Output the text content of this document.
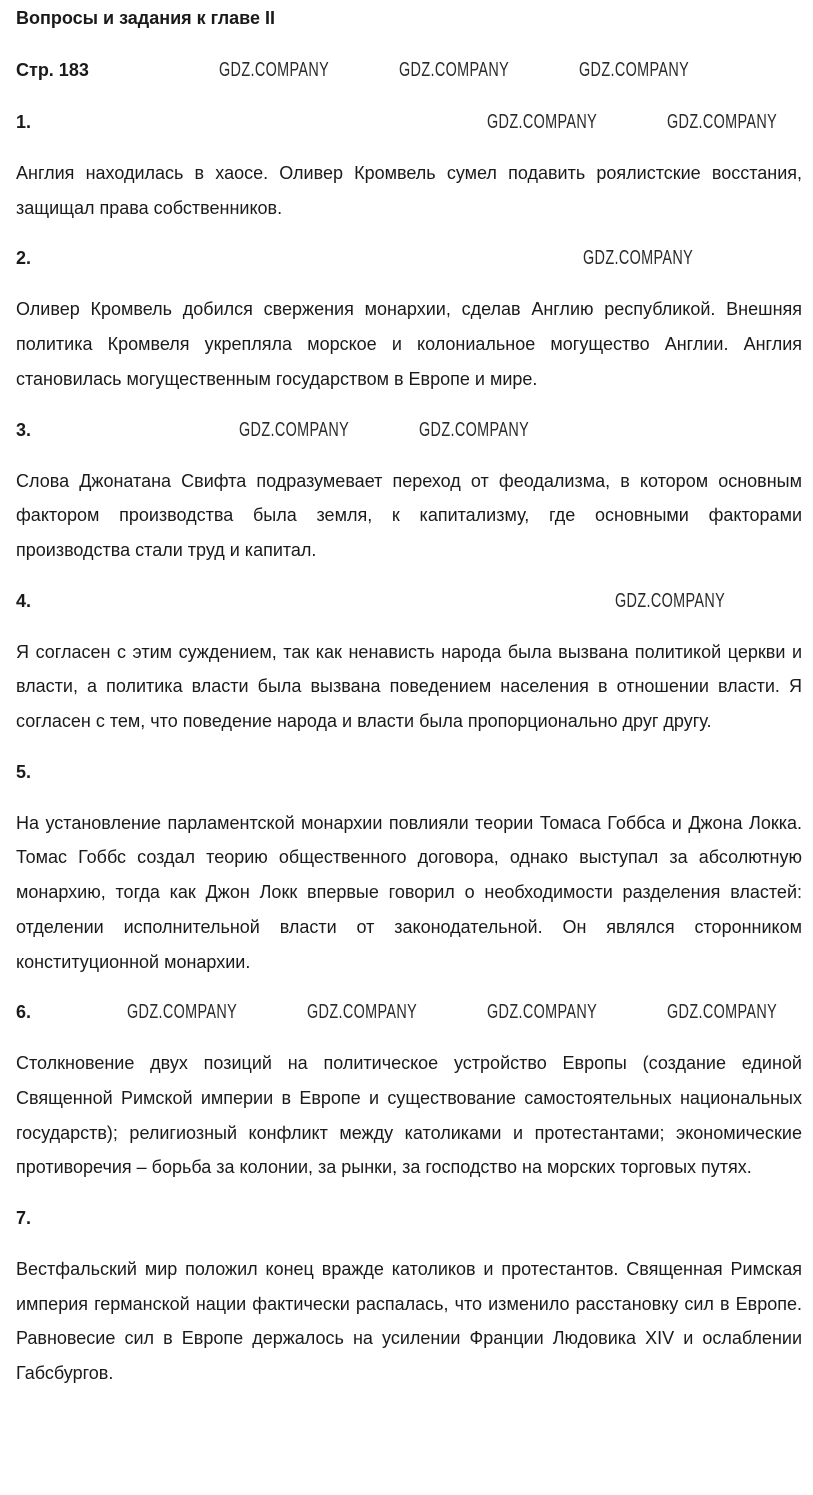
Вопросы и задания к главе II
Стр. 183	GDZ.COMPANY	GDZ.COMPANY	GDZ.COMPANY
1.	GDZ.COMPANY	GDZ.COMPANY

Англия находилась в хаосе. Оливер Кромвель сумел подавить роялистские восстания, защищал права собственников.

2.	GDZ.COMPANY

Оливер Кромвель добился свержения монархии, сделав Англию республикой. Внешняя политика Кромвеля укрепляла морское и колониальное могущество Англии. Англия становилась могущественным государством в Европе и мире.

3.	GDZ.COMPANY	GDZ.COMPANY

Слова Джонатана Свифта подразумевает переход от феодализма, в котором основным фактором производства была земля, к капитализму, где основными факторами производства стали труд и капитал.

4.	GDZ.COMPANY

Я согласен с этим суждением, так как ненависть народа была вызвана политикой церкви и власти, а политика власти была вызвана поведением населения в отношении власти. Я согласен с тем, что поведение народа и власти была пропорционально друг другу.

5.

На установление парламентской монархии повлияли теории Томаса Гоббса и Джона Локка. Томас Гоббс создал теорию общественного договора, однако выступал за абсолютную монархию, тогда как Джон Локк впервые говорил о необходимости разделения властей: отделении исполнительной власти от законодательной. Он являлся сторонником конституционной монархии.

6.	GDZ.COMPANY	GDZ.COMPANY	GDZ.COMPANY	GDZ.COMPANY

Столкновение двух позиций на политическое устройство Европы (создание единой Священной Римской империи в Европе и существование самостоятельных национальных государств); религиозный конфликт между католиками и протестантами; экономические противоречия – борьба за колонии, за рынки, за господство на морских торговых путях.

7.

Вестфальский мир положил конец вражде католиков и протестантов. Священная Римская империя германской нации фактически распалась, что изменило расстановку сил в Европе. Равновесие сил в Европе держалось на усилении Франции Людовика XIV и ослаблении Габсбургов.
